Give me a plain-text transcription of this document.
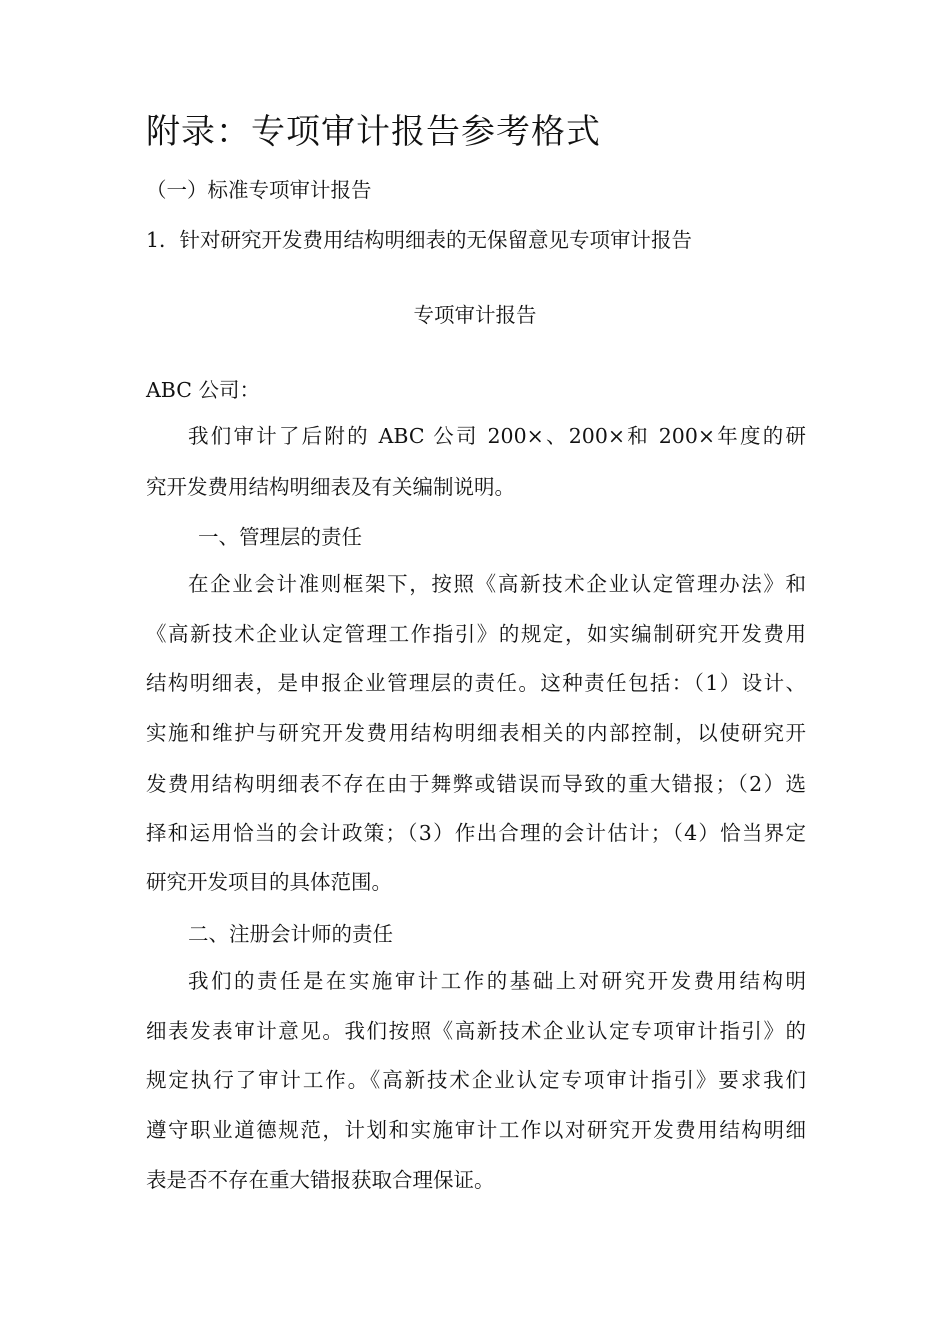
附录：专项审计报告参考格式

（一）标准专项审计报告

1．针对研究开发费用结构明细表的无保留意见专项审计报告

专项审计报告

ABC 公司：

我们审计了后附的 ABC 公司 200×、200×和 200×年度的研

究开发费用结构明细表及有关编制说明。

一、管理层的责任

在企业会计准则框架下，按照《高新技术企业认定管理办法》和

《高新技术企业认定管理工作指引》的规定，如实编制研究开发费用

结构明细表，是申报企业管理层的责任。这种责任包括：（1）设计、

实施和维护与研究开发费用结构明细表相关的内部控制，以使研究开

发费用结构明细表不存在由于舞弊或错误而导致的重大错报；（2）选

择和运用恰当的会计政策；（3）作出合理的会计估计；（4）恰当界定

研究开发项目的具体范围。

二、注册会计师的责任

我们的责任是在实施审计工作的基础上对研究开发费用结构明

细表发表审计意见。我们按照《高新技术企业认定专项审计指引》的

规定执行了审计工作。《高新技术企业认定专项审计指引》要求我们

遵守职业道德规范，计划和实施审计工作以对研究开发费用结构明细

表是否不存在重大错报获取合理保证。
